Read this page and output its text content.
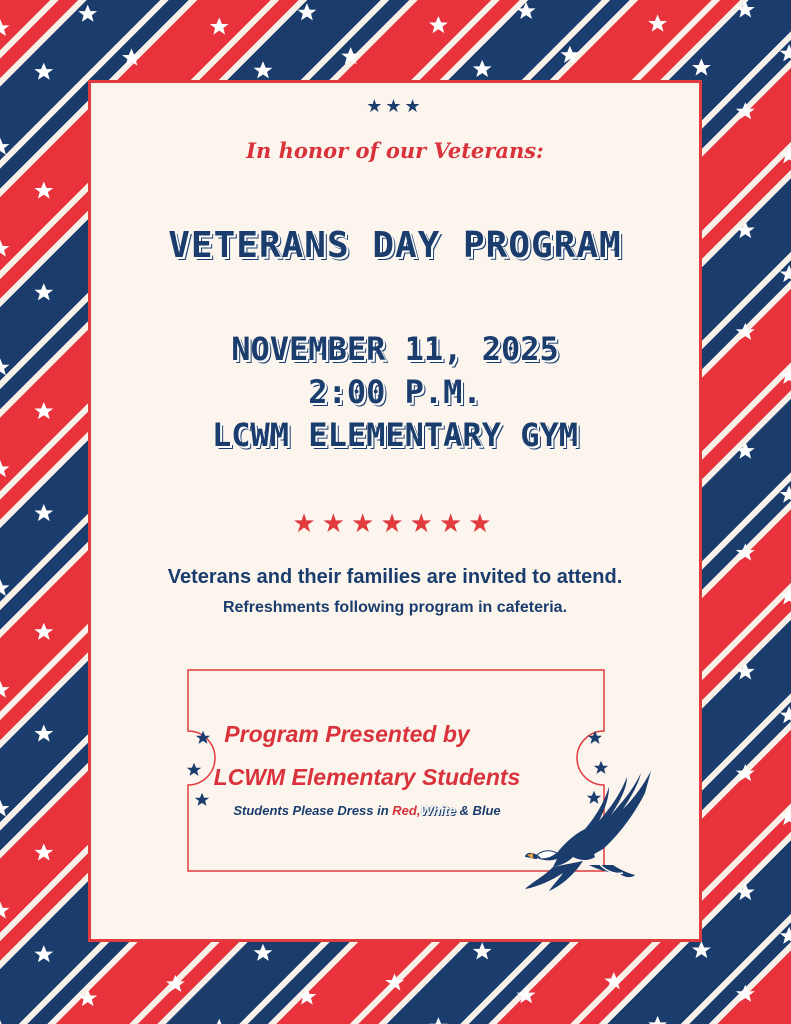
★★★

In honor of our Veterans:

VETERANS DAY PROGRAM

NOVEMBER 11, 2025

2:00 P.M.

LCWM ELEMENTARY GYM

★★★★★★★

Veterans and their families are invited to attend.

Refreshments following program in cafeteria.

Program Presented by

LCWM Elementary Students

Students Please Dress in Red,White & Blue
